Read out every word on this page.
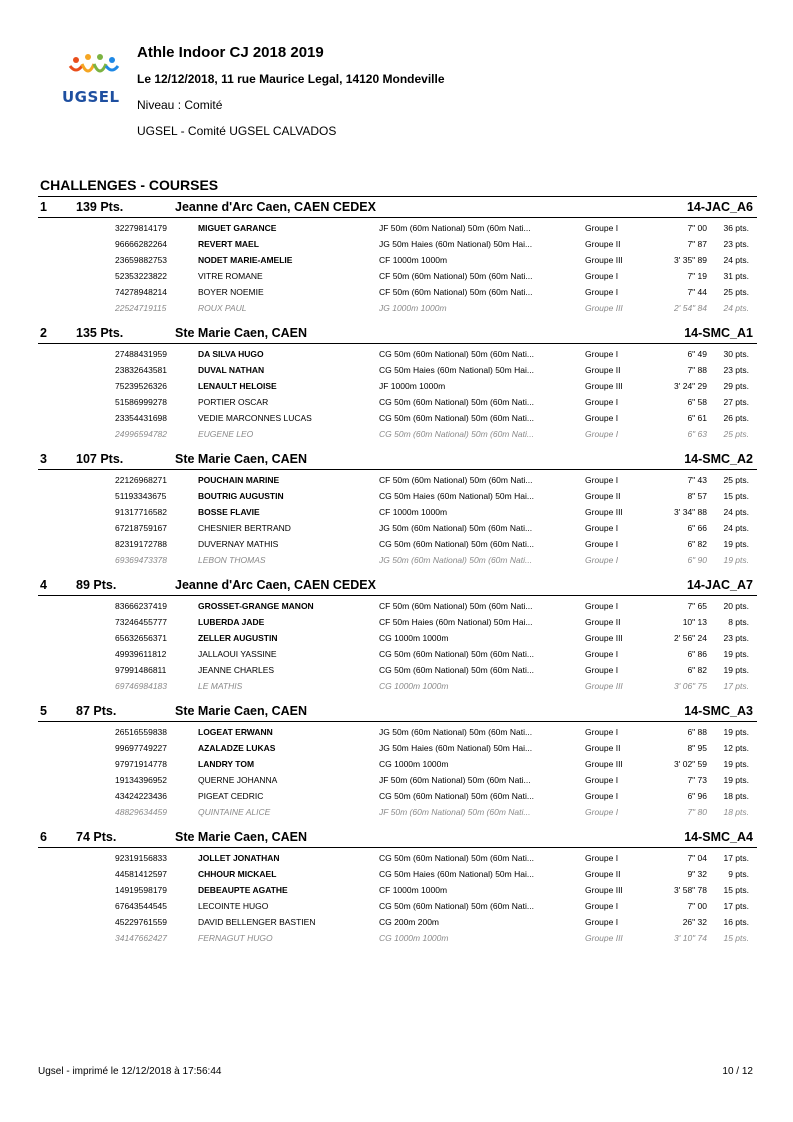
UGSEL
Athle Indoor CJ 2018 2019
Le 12/12/2018, 11 rue Maurice Legal, 14120 Mondeville
Niveau : Comité
UGSEL - Comité UGSEL CALVADOS
CHALLENGES - COURSES
1 139 Pts.	Jeanne d'Arc Caen, CAEN CEDEX	14-JAC_A6
32279814179	MIGUET GARANCE	JF 50m (60m National) 50m (60m Nati...	Groupe I	7" 00 36 pts.
96666282264	REVERT MAEL	JG 50m Haies (60m National) 50m Hai...	Groupe II	7" 87 23 pts.
23659882753	NODET MARIE-AMELIE	CF 1000m 1000m	Groupe III	3' 35" 89 24 pts.
52353223822	VITRE ROMANE	CF 50m (60m National) 50m (60m Nati...	Groupe I	7" 19 31 pts.
74278948214	BOYER NOEMIE	CF 50m (60m National) 50m (60m Nati...	Groupe I	7" 44 25 pts.
22524719115	ROUX PAUL	JG 1000m 1000m	Groupe III	2' 54" 84 24 pts.
2 135 Pts.	Ste Marie Caen, CAEN	14-SMC_A1
27488431959	DA SILVA HUGO	CG 50m (60m National) 50m (60m Nati...	Groupe I	6" 49 30 pts.
23832643581	DUVAL NATHAN	CG 50m Haies (60m National) 50m Hai...	Groupe II	7" 88 23 pts.
75239526326	LENAULT HELOISE	JF 1000m 1000m	Groupe III	3' 24" 29 29 pts.
51586999278	PORTIER OSCAR	CG 50m (60m National) 50m (60m Nati...	Groupe I	6" 58 27 pts.
23354431698	VEDIE MARCONNES LUCAS	CG 50m (60m National) 50m (60m Nati...	Groupe I	6" 61 26 pts.
24996594782	EUGENE LEO	CG 50m (60m National) 50m (60m Nati...	Groupe I	6" 63 25 pts.
3 107 Pts.	Ste Marie Caen, CAEN	14-SMC_A2
22126968271	POUCHAIN MARINE	CF 50m (60m National) 50m (60m Nati...	Groupe I	7" 43 25 pts.
51193343675	BOUTRIG AUGUSTIN	CG 50m Haies (60m National) 50m Hai...	Groupe II	8" 57 15 pts.
91317716582	BOSSE FLAVIE	CF 1000m 1000m	Groupe III	3' 34" 88 24 pts.
67218759167	CHESNIER BERTRAND	JG 50m (60m National) 50m (60m Nati...	Groupe I	6" 66 24 pts.
82319172788	DUVERNAY MATHIS	CG 50m (60m National) 50m (60m Nati...	Groupe I	6" 82 19 pts.
69369473378	LEBON THOMAS	JG 50m (60m National) 50m (60m Nati...	Groupe I	6" 90 19 pts.
4 89 Pts.	Jeanne d'Arc Caen, CAEN CEDEX	14-JAC_A7
83666237419	GROSSET-GRANGE MANON	CF 50m (60m National) 50m (60m Nati...	Groupe I	7" 65 20 pts.
73246455777	LUBERDA JADE	CF 50m Haies (60m National) 50m Hai...	Groupe II	10" 13 8 pts.
65632656371	ZELLER AUGUSTIN	CG 1000m 1000m	Groupe III	2' 56" 24 23 pts.
49939611812	JALLAOUI YASSINE	CG 50m (60m National) 50m (60m Nati...	Groupe I	6" 86 19 pts.
97991486811	JEANNE CHARLES	CG 50m (60m National) 50m (60m Nati...	Groupe I	6" 82 19 pts.
69746984183	LE MATHIS	CG 1000m 1000m	Groupe III	3' 06" 75 17 pts.
5 87 Pts.	Ste Marie Caen, CAEN	14-SMC_A3
26516559838	LOGEAT ERWANN	JG 50m (60m National) 50m (60m Nati...	Groupe I	6" 88 19 pts.
99697749227	AZALADZE LUKAS	JG 50m Haies (60m National) 50m Hai...	Groupe II	8" 95 12 pts.
97971914778	LANDRY TOM	CG 1000m 1000m	Groupe III	3' 02" 59 19 pts.
19134396952	QUERNE JOHANNA	JF 50m (60m National) 50m (60m Nati...	Groupe I	7" 73 19 pts.
43424223436	PIGEAT CEDRIC	CG 50m (60m National) 50m (60m Nati...	Groupe I	6" 96 18 pts.
48829634459	QUINTAINE ALICE	JF 50m (60m National) 50m (60m Nati...	Groupe I	7" 80 18 pts.
6 74 Pts.	Ste Marie Caen, CAEN	14-SMC_A4
92319156833	JOLLET JONATHAN	CG 50m (60m National) 50m (60m Nati...	Groupe I	7" 04 17 pts.
44581412597	CHHOUR MICKAEL	CG 50m Haies (60m National) 50m Hai...	Groupe II	9" 32 9 pts.
14919598179	DEBEAUPTE AGATHE	CF 1000m 1000m	Groupe III	3' 58" 78 15 pts.
67643544545	LECOINTE HUGO	CG 50m (60m National) 50m (60m Nati...	Groupe I	7" 00 17 pts.
45229761559	DAVID BELLENGER BASTIEN	CG 200m 200m	Groupe I	26" 32 16 pts.
34147662427	FERNAGUT HUGO	CG 1000m 1000m	Groupe III	3' 10" 74 15 pts.
Ugsel - imprimé le 12/12/2018 à 17:56:44	10 / 12
